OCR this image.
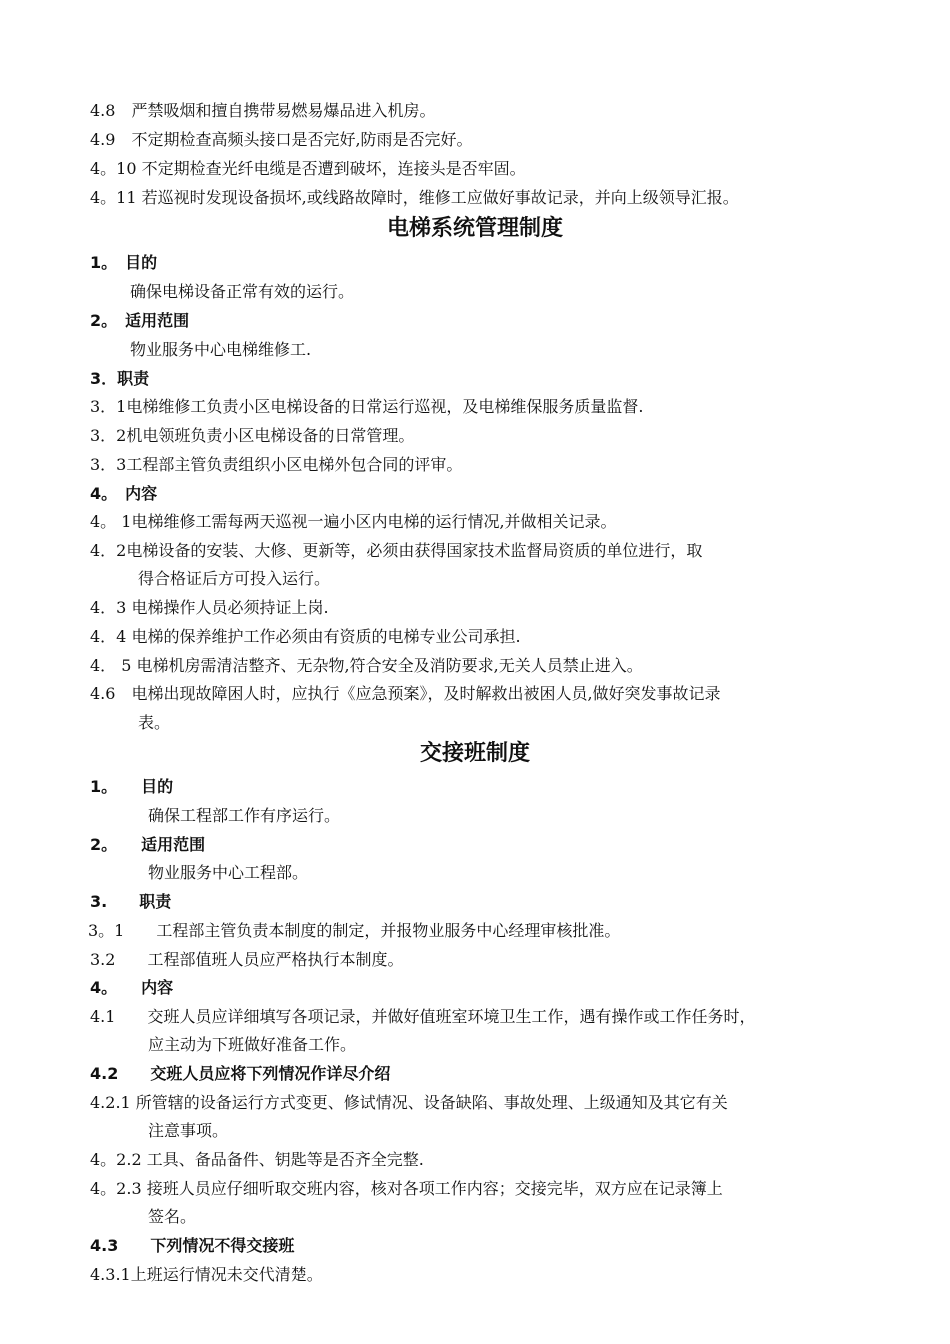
4.8　严禁吸烟和擅自携带易燃易爆品进入机房。
4.9　不定期检查高频头接口是否完好,防雨是否完好。
4。10 不定期检查光纤电缆是否遭到破坏，连接头是否牢固。
4。11 若巡视时发现设备损坏,或线路故障时，维修工应做好事故记录，并向上级领导汇报。
电梯系统管理制度
1。　目的
确保电梯设备正常有效的运行。
2。　适用范围
物业服务中心电梯维修工.
3．职责
3．1电梯维修工负责小区电梯设备的日常运行巡视，及电梯维保服务质量监督.
3．2机电领班负责小区电梯设备的日常管理。
3．3工程部主管负责组织小区电梯外包合同的评审。
4。　内容
4。 1电梯维修工需每两天巡视一遍小区内电梯的运行情况,并做相关记录。
4．2电梯设备的安装、大修、更新等，必须由获得国家技术监督局资质的单位进行，取
得合格证后方可投入运行。
4．3 电梯操作人员必须持证上岗.
4．4 电梯的保养维护工作必须由有资质的电梯专业公司承担.
4． 5 电梯机房需清洁整齐、无杂物,符合安全及消防要求,无关人员禁止进入。
4.6　电梯出现故障困人时，应执行《应急预案》，及时解救出被困人员,做好突发事故记录
表。
交接班制度
1。　　目的
确保工程部工作有序运行。
2。　　适用范围
物业服务中心工程部。
3.　　职责
3。1　　工程部主管负责本制度的制定，并报物业服务中心经理审核批准。
3.2　　工程部值班人员应严格执行本制度。
4。　　内容
4.1　　交班人员应详细填写各项记录，并做好值班室环境卫生工作，遇有操作或工作任务时，
应主动为下班做好准备工作。
4.2　　交班人员应将下列情况作详尽介绍
4.2.1 所管辖的设备运行方式变更、修试情况、设备缺陷、事故处理、上级通知及其它有关
注意事项。
4。2.2 工具、备品备件、钥匙等是否齐全完整.
4。2.3 接班人员应仔细听取交班内容，核对各项工作内容；交接完毕，双方应在记录簿上
签名。
4.3　　下列情况不得交接班
4.3.1上班运行情况未交代清楚。
